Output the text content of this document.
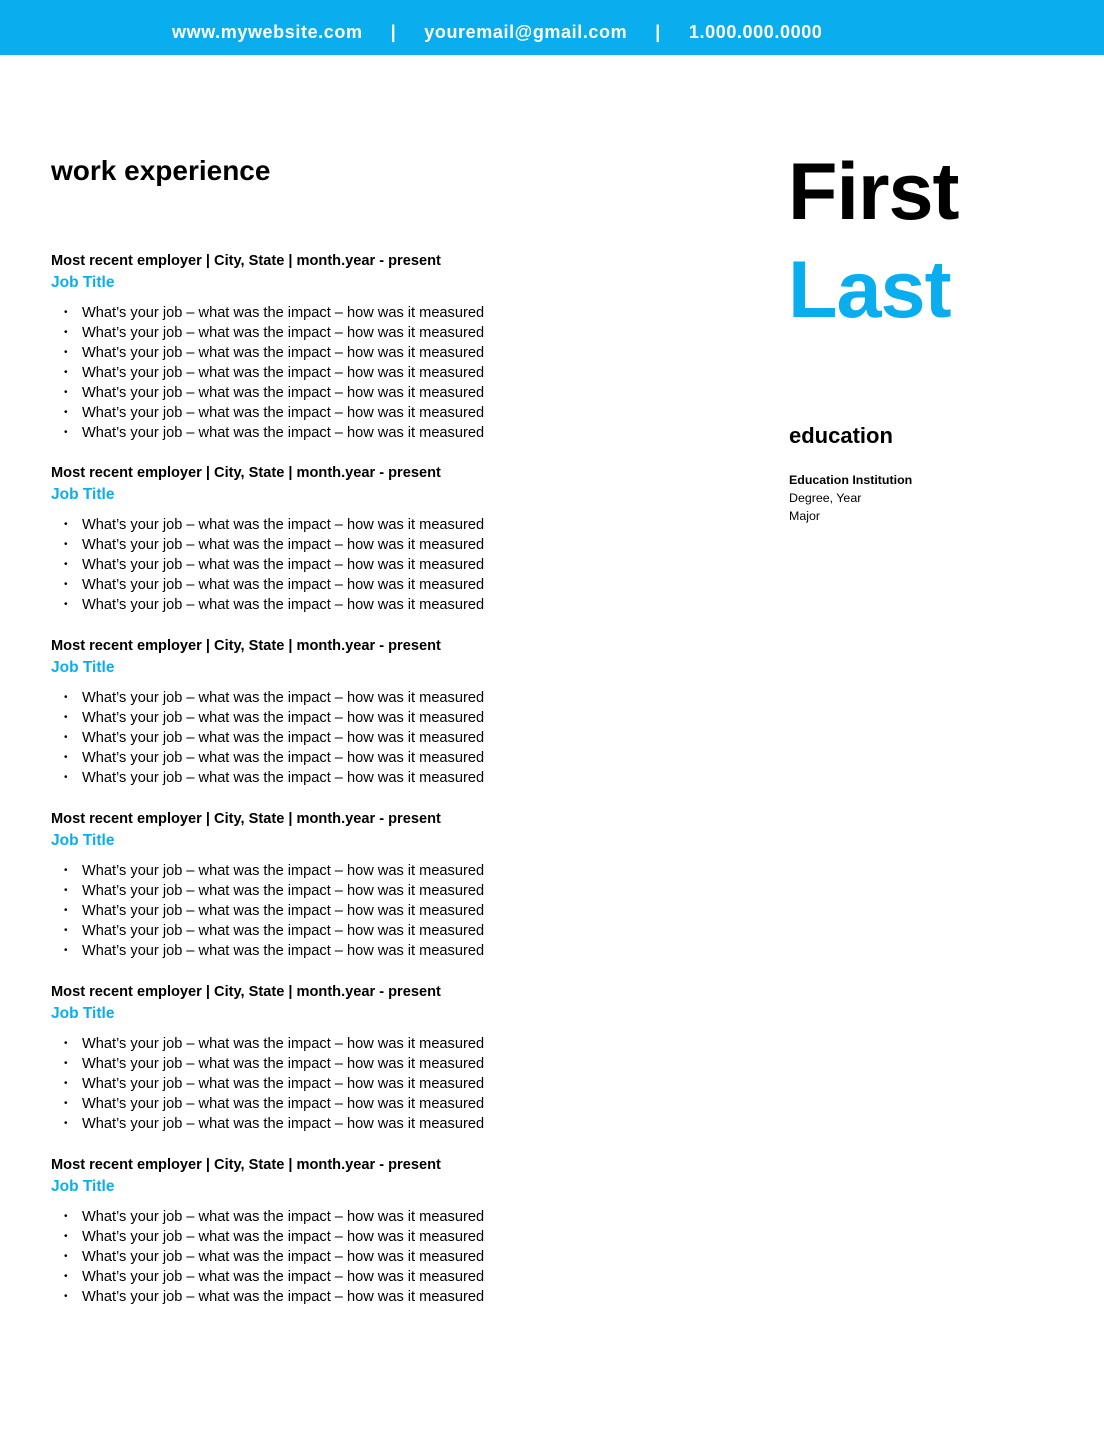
www.mywebsite.com | youremail@gmail.com | 1.000.000.0000
work experience
Most recent employer | City, State | month.year - present
Job Title
• What’s your job – what was the impact – how was it measured
• What’s your job – what was the impact – how was it measured
• What’s your job – what was the impact – how was it measured
• What’s your job – what was the impact – how was it measured
• What’s your job – what was the impact – how was it measured
• What’s your job – what was the impact – how was it measured
• What’s your job – what was the impact – how was it measured
Most recent employer | City, State | month.year - present
Job Title
• What’s your job – what was the impact – how was it measured
• What’s your job – what was the impact – how was it measured
• What’s your job – what was the impact – how was it measured
• What’s your job – what was the impact – how was it measured
• What’s your job – what was the impact – how was it measured
Most recent employer | City, State | month.year - present
Job Title
• What’s your job – what was the impact – how was it measured
• What’s your job – what was the impact – how was it measured
• What’s your job – what was the impact – how was it measured
• What’s your job – what was the impact – how was it measured
• What’s your job – what was the impact – how was it measured
Most recent employer | City, State | month.year - present
Job Title
• What’s your job – what was the impact – how was it measured
• What’s your job – what was the impact – how was it measured
• What’s your job – what was the impact – how was it measured
• What’s your job – what was the impact – how was it measured
• What’s your job – what was the impact – how was it measured
Most recent employer | City, State | month.year - present
Job Title
• What’s your job – what was the impact – how was it measured
• What’s your job – what was the impact – how was it measured
• What’s your job – what was the impact – how was it measured
• What’s your job – what was the impact – how was it measured
• What’s your job – what was the impact – how was it measured
Most recent employer | City, State | month.year - present
Job Title
• What’s your job – what was the impact – how was it measured
• What’s your job – what was the impact – how was it measured
• What’s your job – what was the impact – how was it measured
• What’s your job – what was the impact – how was it measured
• What’s your job – what was the impact – how was it measured
First
Last
education
Education Institution
Degree, Year
Major
